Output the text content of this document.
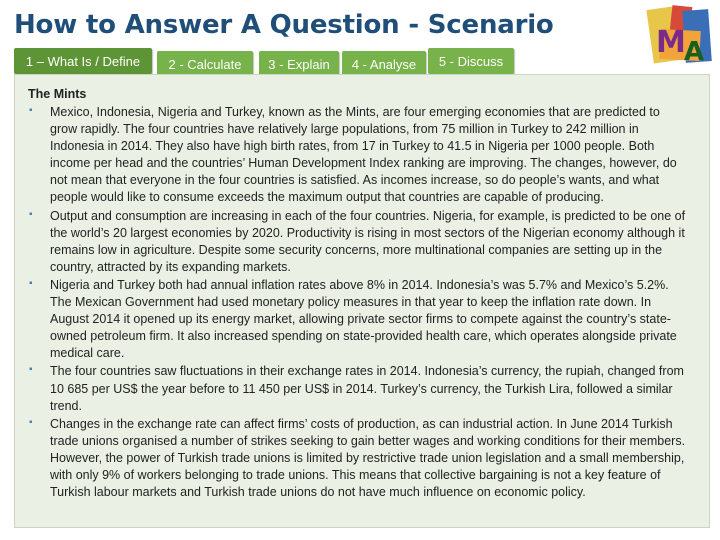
How to Answer A Question - Scenario	M
A
1 – What Is / Define	2 - Calculate	3 - Explain	4 - Analyse	5 - Discuss
The Mints
▪ Mexico, Indonesia, Nigeria and Turkey, known as the Mints, are four emerging economies that are predicted to grow rapidly. The four countries have relatively large populations, from 75 million in Turkey to 242 million in Indonesia in 2014. They also have high birth rates, from 17 in Turkey to 41.5 in Nigeria per 1000 people. Both income per head and the countries’ Human Development Index ranking are improving. The changes, however, do not mean that everyone in the four countries is satisfied. As incomes increase, so do people’s wants, and what people would like to consume exceeds the maximum output that countries are capable of producing.
▪ Output and consumption are increasing in each of the four countries. Nigeria, for example, is predicted to be one of the world’s 20 largest economies by 2020. Productivity is rising in most sectors of the Nigerian economy although it remains low in agriculture. Despite some security concerns, more multinational companies are setting up in the country, attracted by its expanding markets.
▪ Nigeria and Turkey both had annual inflation rates above 8% in 2014. Indonesia’s was 5.7% and Mexico’s 5.2%. The Mexican Government had used monetary policy measures in that year to keep the inflation rate down. In August 2014 it opened up its energy market, allowing private sector firms to compete against the country’s state-owned petroleum firm. It also increased spending on state-provided health care, which operates alongside private medical care.
▪ The four countries saw fluctuations in their exchange rates in 2014. Indonesia’s currency, the rupiah, changed from 10 685 per US$ the year before to 11 450 per US$ in 2014. Turkey’s currency, the Turkish Lira, followed a similar trend.
▪ Changes in the exchange rate can affect firms’ costs of production, as can industrial action. In June 2014 Turkish trade unions organised a number of strikes seeking to gain better wages and working conditions for their members. However, the power of Turkish trade unions is limited by restrictive trade union legislation and a small membership, with only 9% of workers belonging to trade unions. This means that collective bargaining is not a key feature of Turkish labour markets and Turkish trade unions do not have much influence on economic policy.
